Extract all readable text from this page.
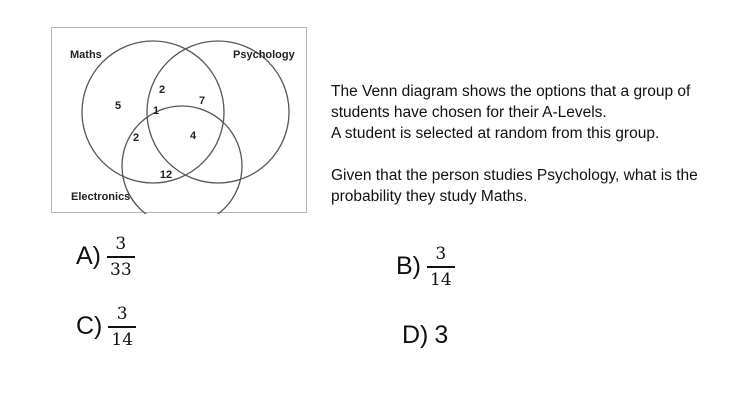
Maths	Psychology
Electronics
5
2
1
7
2	4
12

The Venn diagram shows the options that a group of students have chosen for their A-Levels.

A student is selected at random from this group.

Given that the person studies Psychology, what is the probability they study Maths.

$A) \frac{3}{33}$	$B) \frac{3}{14}$
$C) \frac{3}{14}$	D) 3
